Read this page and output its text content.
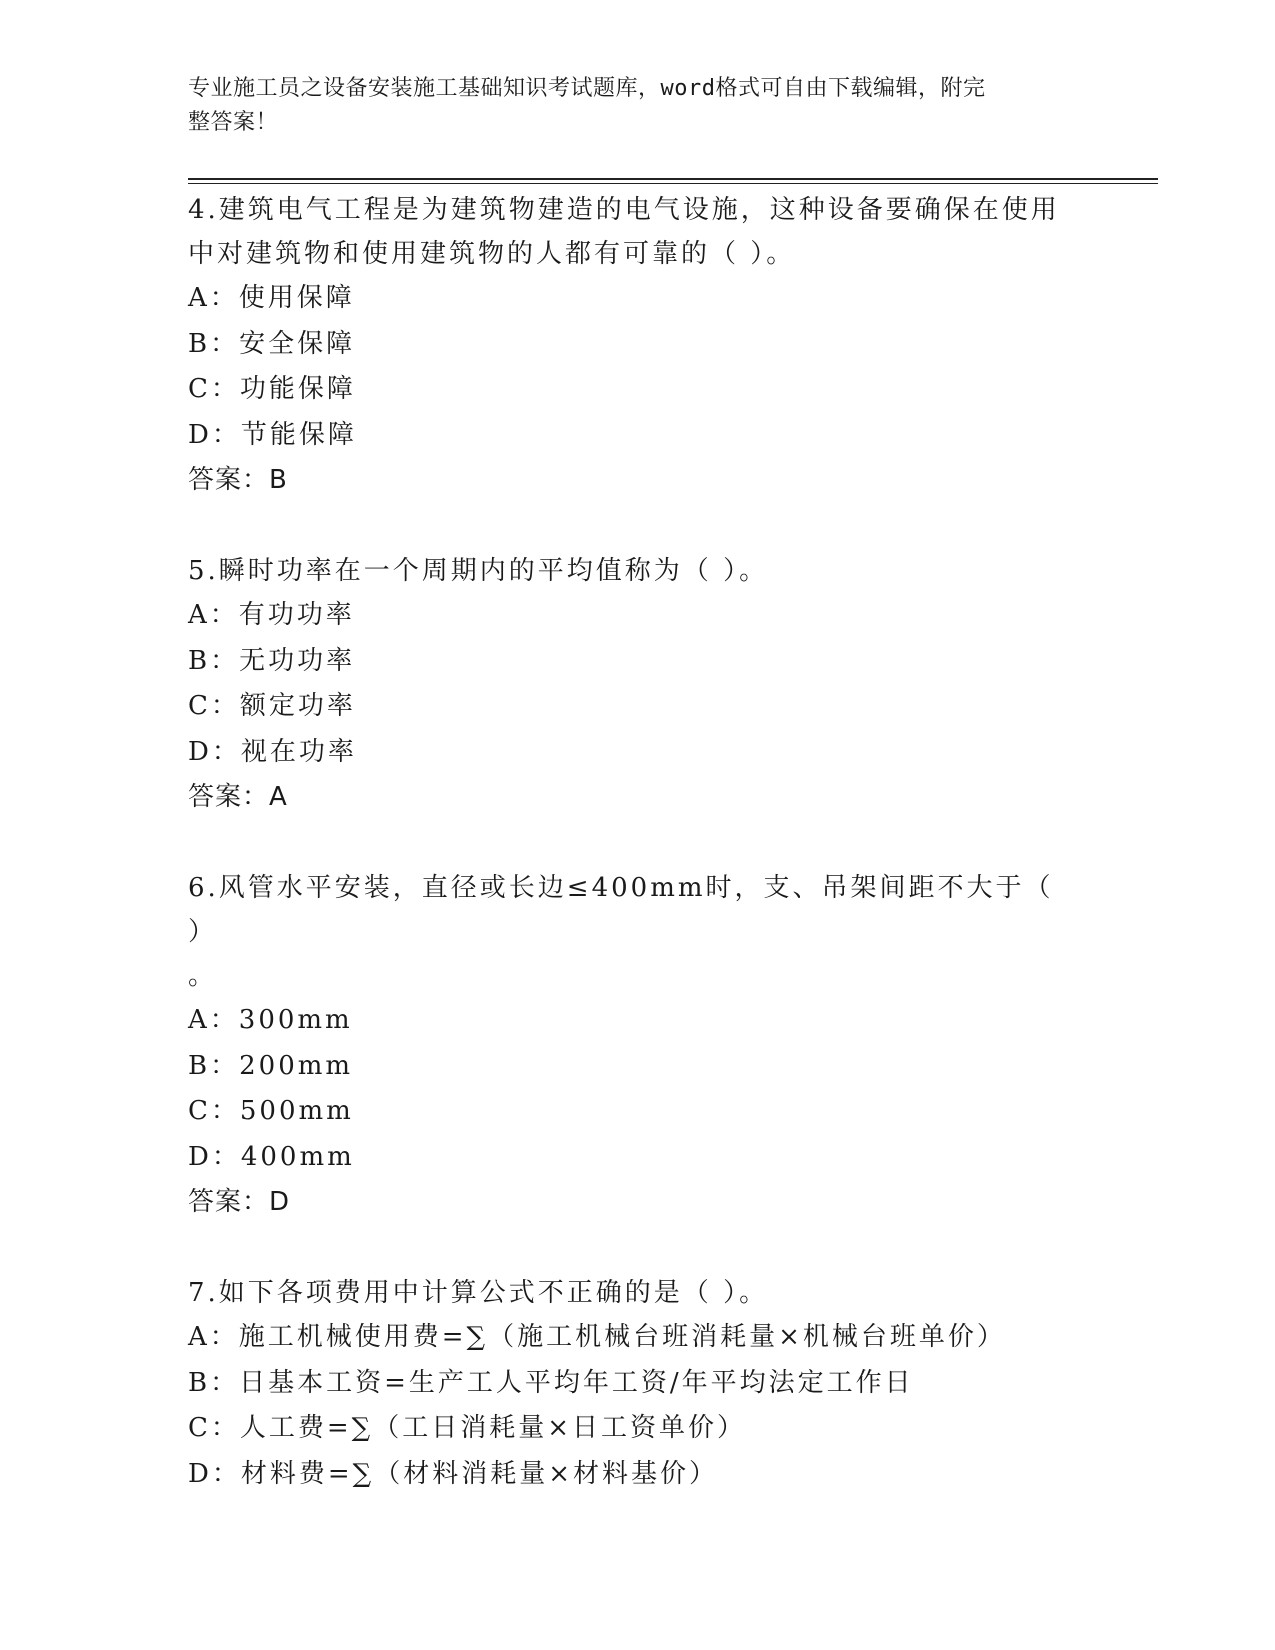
专业施工员之设备安装施工基础知识考试题库，word格式可自由下载编辑，附完
整答案！

4.建筑电气工程是为建筑物建造的电气设施，这种设备要确保在使用

中对建筑物和使用建筑物的人都有可靠的（ ）。

A：使用保障

B：安全保障

C：功能保障

D：节能保障

答案：B

5.瞬时功率在一个周期内的平均值称为（ ）。

A：有功功率

B：无功功率

C：额定功率

D：视在功率

答案：A

6.风管水平安装，直径或长边≤400mm时，支、吊架间距不大于（ ）

。

A：300mm

B：200mm

C：500mm

D：400mm

答案：D

7.如下各项费用中计算公式不正确的是（ ）。

A：施工机械使用费=∑（施工机械台班消耗量×机械台班单价）

B：日基本工资=生产工人平均年工资/年平均法定工作日

C：人工费=∑（工日消耗量×日工资单价）

D：材料费=∑（材料消耗量×材料基价）
